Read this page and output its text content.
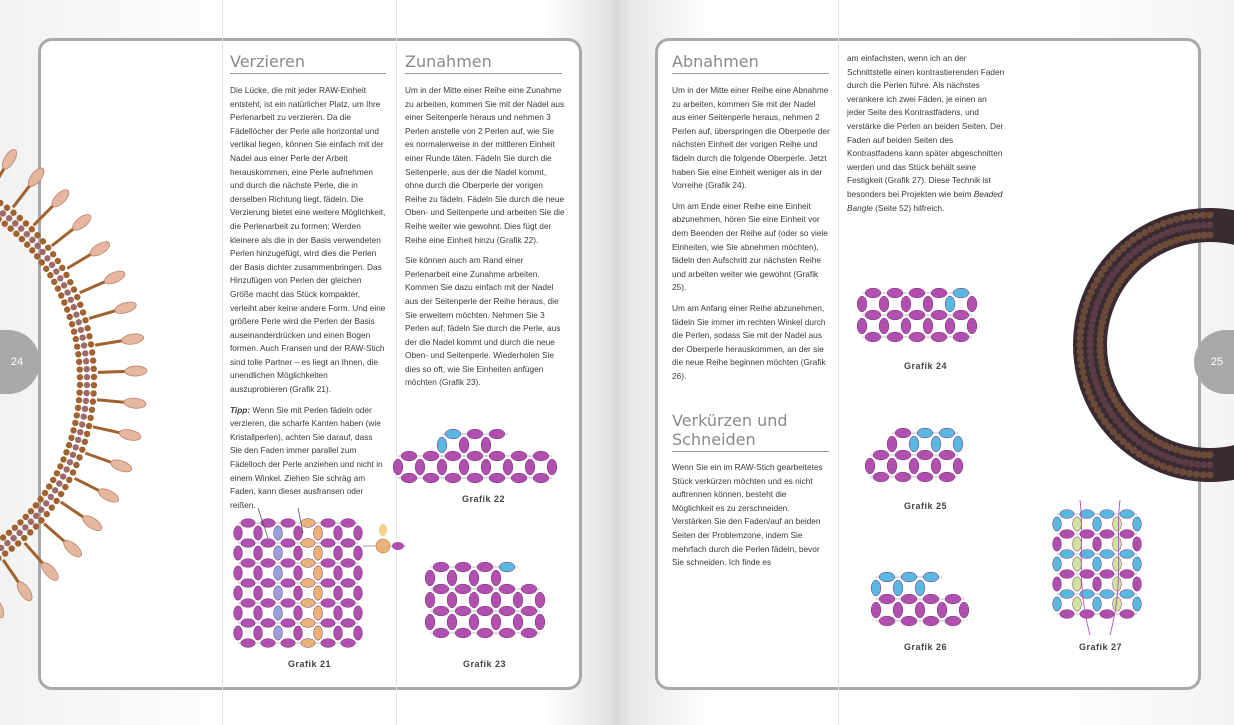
24	25
Verzieren

Die Lücke, die mit jeder RAW-Einheit entsteht, ist ein natürlicher Platz, um Ihre Perlenarbeit zu verzieren. Da die Fädellöcher der Perle alle horizontal und vertikal liegen, können Sie einfach mit der Nadel aus einer Perle der Arbeit herauskommen, eine Perle aufnehmen und durch die nächste Perle, die in derselben Richtung liegt, fädeln. Die Verzierung bietet eine weitere Möglichkeit, die Perlenarbeit zu formen: Werden kleinere als die in der Basis verwendeten Perlen hinzugefügt, wird dies die Perlen der Basis dichter zusammenbringen. Das Hinzufügen von Perlen der gleichen Größe macht das Stück kompakter, verleiht aber keine andere Form. Und eine größere Perle wird die Perlen der Basis auseinanderdrücken und einen Bogen formen. Auch Fransen und der RAW-Stich sind tolle Partner – es liegt an Ihnen, die unendlichen Möglichkeiten auszuprobieren (Grafik 21).

Tipp: Wenn Sie mit Perlen fädeln oder verzieren, die scharfe Kanten haben (wie Kristallperlen), achten Sie darauf, dass Sie den Faden immer parallel zum Fädelloch der Perle anziehen und nicht in einem Winkel. Ziehen Sie schräg am Faden, kann dieser ausfransen oder reißen.

Zunahmen

Um in der Mitte einer Reihe eine Zunahme zu arbeiten, kommen Sie mit der Nadel aus einer Seitenperle heraus und nehmen 3 Perlen anstelle von 2 Perlen auf, wie Sie es normalerweise in der mittleren Einheit einer Runde täten. Fädeln Sie durch die Seitenperle, aus der die Nadel kommt, ohne durch die Oberperle der vorigen Reihe zu fädeln. Fädeln Sie durch die neue Oben- und Seitenperle und arbeiten Sie die Reihe weiter wie gewohnt. Dies fügt der Reihe eine Einheit hinzu (Grafik 22).

Sie können auch am Rand einer Perlenarbeit eine Zunahme arbeiten. Kommen Sie dazu einfach mit der Nadel aus der Seitenperle der Reihe heraus, die Sie erweitern möchten. Nehmen Sie 3 Perlen auf, fädeln Sie durch die Perle, aus der die Nadel kommt und durch die neue Oben- und Seitenperle. Wiederholen Sie dies so oft, wie Sie Einheiten anfügen möchten (Grafik 23).

Abnahmen

Um in der Mitte einer Reihe eine Abnahme zu arbeiten, kommen Sie mit der Nadel aus einer Seitenperle heraus, nehmen 2 Perlen auf, überspringen die Oberperle der nächsten Einheit der vorigen Reihe und fädeln durch die folgende Oberperle. Jetzt haben Sie eine Einheit weniger als in der Vorreihe (Grafik 24).

Um am Ende einer Reihe eine Einheit abzunehmen, hören Sie eine Einheit vor dem Beenden der Reihe auf (oder so viele Einheiten, wie Sie abnehmen möchten), fädeln den Aufschritt zur nächsten Reihe und arbeiten weiter wie gewohnt (Grafik 25).

Um am Anfang einer Reihe abzunehmen, fädeln Sie immer im rechten Winkel durch die Perlen, sodass Sie mit der Nadel aus der Oberperle herauskommen, an der sie die neue Reihe beginnen möchten (Grafik 26).

Verkürzen und Schneiden

Wenn Sie ein im RAW-Stich gearbeitetes Stück verkürzen möchten und es nicht auftrennen können, besteht die Möglichkeit es zu zerschneiden. Verstärken Sie den Faden/auf an beiden Seiten der Problemzone, indem Sie mehrfach durch die Perlen fädeln, bevor Sie schneiden. Ich finde es

am einfachsten, wenn ich an der Schnittstelle einen kontrastierenden Faden durch die Perlen führe. Als nächstes verankere ich zwei Fäden, je einen an jeder Seite des Kontrastfadens, und verstärke die Perlen an beiden Seiten. Der Faden auf beiden Seiten des Kontrastfadens kann später abgeschnitten werden und das Stück behält seine Festigkeit (Grafik 27). Diese Technik ist besonders bei Projekten wie beim Beaded Bangle (Seite 52) hilfreich.

Grafik 21
Grafik 22
Grafik 23
Grafik 24
Grafik 25
Grafik 26	Grafik 27
